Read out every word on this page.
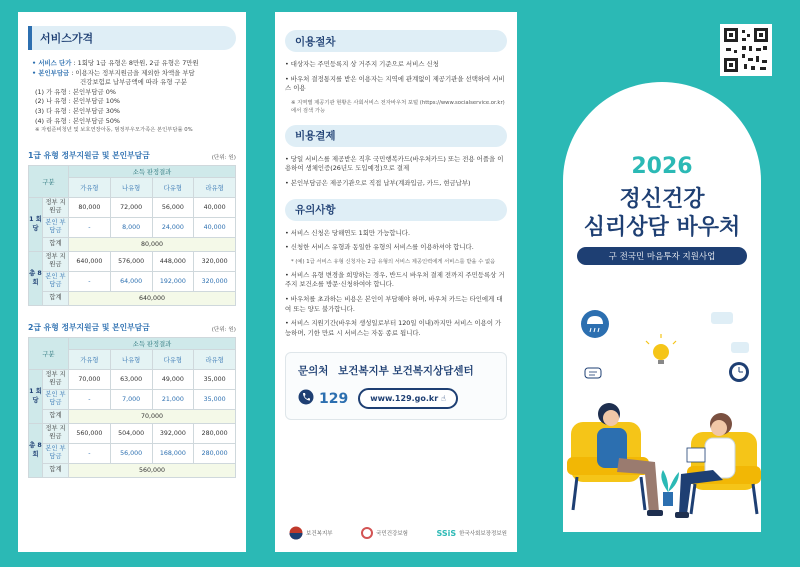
서비스가격
• 서비스 단가 : 1회당 1급 유형은 8만원, 2급 유형은 7만원
• 본인부담금 : 이용자는 정부지원금을 제외한 차액을 부담
건강보험료 납부금액에 따라 유형 구분
(1) 가 유형 : 본인부담금 0%
(2) 나 유형 : 본인부담금 10%
(3) 다 유형 : 본인부담금 30%
(4) 라 유형 : 본인부담금 50%
※ 자립준비청년 및 보호연장아동, 범정부우모가족은 본인부담률 0%
1급 유형 정부지원금 및 본인부담금	(단위: 원)
구분		소득 판정결과			
		가유형	나유형	다유형	라유형
1 회 당	정부 지원금	80,000	72,000	56,000	40,000
	본인 부담금	-	8,000	24,000	40,000
	합계	80,000			
총 8 회	정부 지원금	640,000	576,000	448,000	320,000
	본인 부담금	-	64,000	192,000	320,000
	합계	640,000			
2급 유형 정부지원금 및 본인부담금	(단위: 원)
구분		소득 판정결과			
		가유형	나유형	다유형	라유형
1 회 당	정부 지원금	70,000	63,000	49,000	35,000
	본인 부담금	-	7,000	21,000	35,000
	합계	70,000			
총 8 회	정부 지원금	560,000	504,000	392,000	280,000
	본인 부담금	-	56,000	168,000	280,000
	합계	560,000			
이용절차

• 대상자는 주민등록지 상 거주지 기준으로 서비스 신청

• 바우처 결정통지를 받은 이용자는 지역에 관계없이 제공기관을 선택하여 서비스 이용

※ 지역별 제공기관 현황은 사회서비스 전자바우처 포털 (https://www.socialservice.or.kr)에서 검색 가능

비용결제

• 당일 서비스를 제공받은 직후 국민행복카드(바우처카드) 또는 전용 어플을 이용하여 생체인증(26년도 도입예정)으로 결제

• 본인부담금은 제공기관으로 직접 납부(계좌입금, 카드, 현금납부)

유의사항

• 서비스 신청은 당해연도 1회만 가능합니다.

• 신청한 서비스 유형과 동일한 유형의 서비스를 이용하셔야 합니다.

* (예) 1급 서비스 유형 신청자는 2급 유형의 서비스 제공인력에게 서비스를 받을 수 없음

• 서비스 유형 변경을 희망하는 경우, 반드시 바우처 결제 전까지 주민등록상 거주지 보건소를 방문·신청하여야 합니다.

• 바우처를 초과하는 비용은 본인이 부담해야 하며, 바우처 카드는 타인에게 대여 또는 양도 불가합니다.

• 서비스 지원기간(바우처 생성일로부터 120일 이내)까지만 서비스 이용이 가능하며, 기한 만료 시 서비스는 자동 종료 됩니다.

문의처 보건복지부 보건복지상담센터
129	www.129.go.kr ☝
보건복지부	국민건강보험	SSiS 한국사회보장정보원
2026
정신건강
심리상담 바우처
구 전국민 마음투자 지원사업
